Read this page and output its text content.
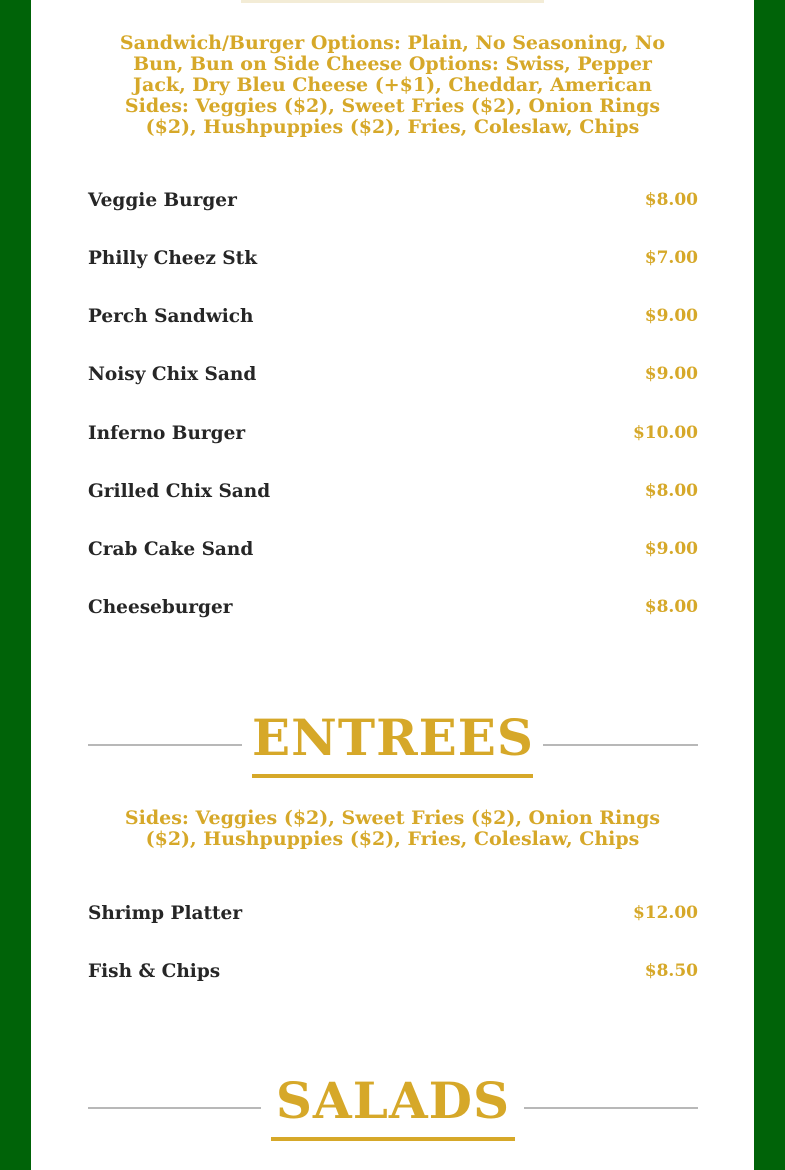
Sandwich/Burger Options: Plain, No Seasoning, No
Bun, Bun on Side Cheese Options: Swiss, Pepper
Jack, Dry Bleu Cheese (+$1), Cheddar, American
Sides: Veggies ($2), Sweet Fries ($2), Onion Rings
($2), Hushpuppies ($2), Fries, Coleslaw, Chips
Veggie Burger	$8.00
Philly Cheez Stk	$7.00
Perch Sandwich	$9.00
Noisy Chix Sand	$9.00
Inferno Burger	$10.00
Grilled Chix Sand	$8.00
Crab Cake Sand	$9.00
Cheeseburger	$8.00
ENTREES
Sides: Veggies ($2), Sweet Fries ($2), Onion Rings
($2), Hushpuppies ($2), Fries, Coleslaw, Chips
Shrimp Platter	$12.00
Fish & Chips	$8.50
SALADS
